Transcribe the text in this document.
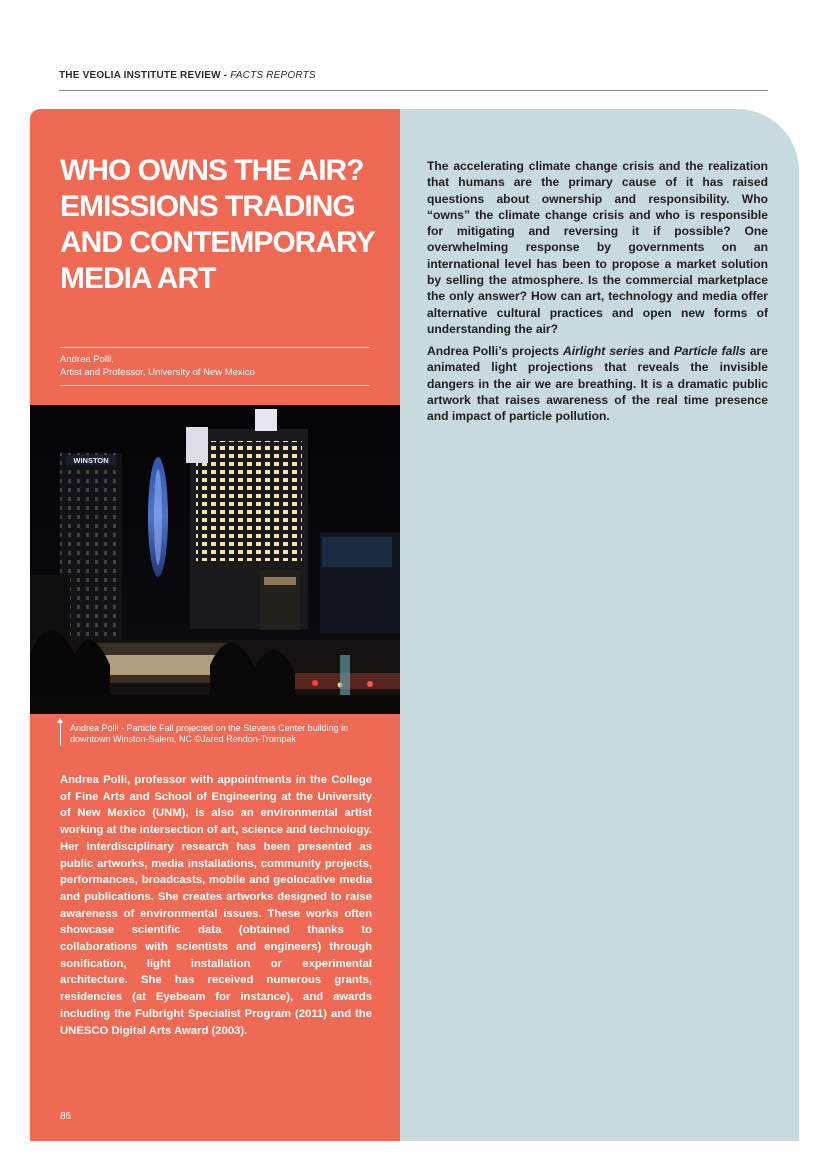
THE VEOLIA INSTITUTE REVIEW - FACTS REPORTS
WHO OWNS THE AIR? EMISSIONS TRADING AND CONTEMPORARY MEDIA ART
Andrea Polli,
Artist and Professor, University of New Mexico
WINSTON
Andrea Polli - Particle Fall projected on the Stevens Center building in downtown Winston-Salem, NC ©Jared Rendon-Trompak

Andrea Polli, professor with appointments in the College of Fine Arts and School of Engineering at the University of New Mexico (UNM), is also an environmental artist working at the intersection of art, science and technology. Her interdisciplinary research has been presented as public artworks, media installations, community projects, performances, broadcasts, mobile and geolocative media and publications. She creates artworks designed to raise awareness of environmental issues. These works often showcase scientific data (obtained thanks to collaborations with scientists and engineers) through sonification, light installation or experimental architecture. She has received numerous grants, residencies (at Eyebeam for instance), and awards including the Fulbright Specialist Program (2011) and the UNESCO Digital Arts Award (2003).

86

The accelerating climate change crisis and the realization that humans are the primary cause of it has raised questions about ownership and responsibility. Who “owns” the climate change crisis and who is responsible for mitigating and reversing it if possible? One overwhelming response by governments on an international level has been to propose a market solution by selling the atmosphere. Is the commercial marketplace the only answer? How can art, technology and media offer alternative cultural practices and open new forms of understanding the air?

Andrea Polli’s projects Airlight series and Particle falls are animated light projections that reveals the invisible dangers in the air we are breathing. It is a dramatic public artwork that raises awareness of the real time presence and impact of particle pollution.
